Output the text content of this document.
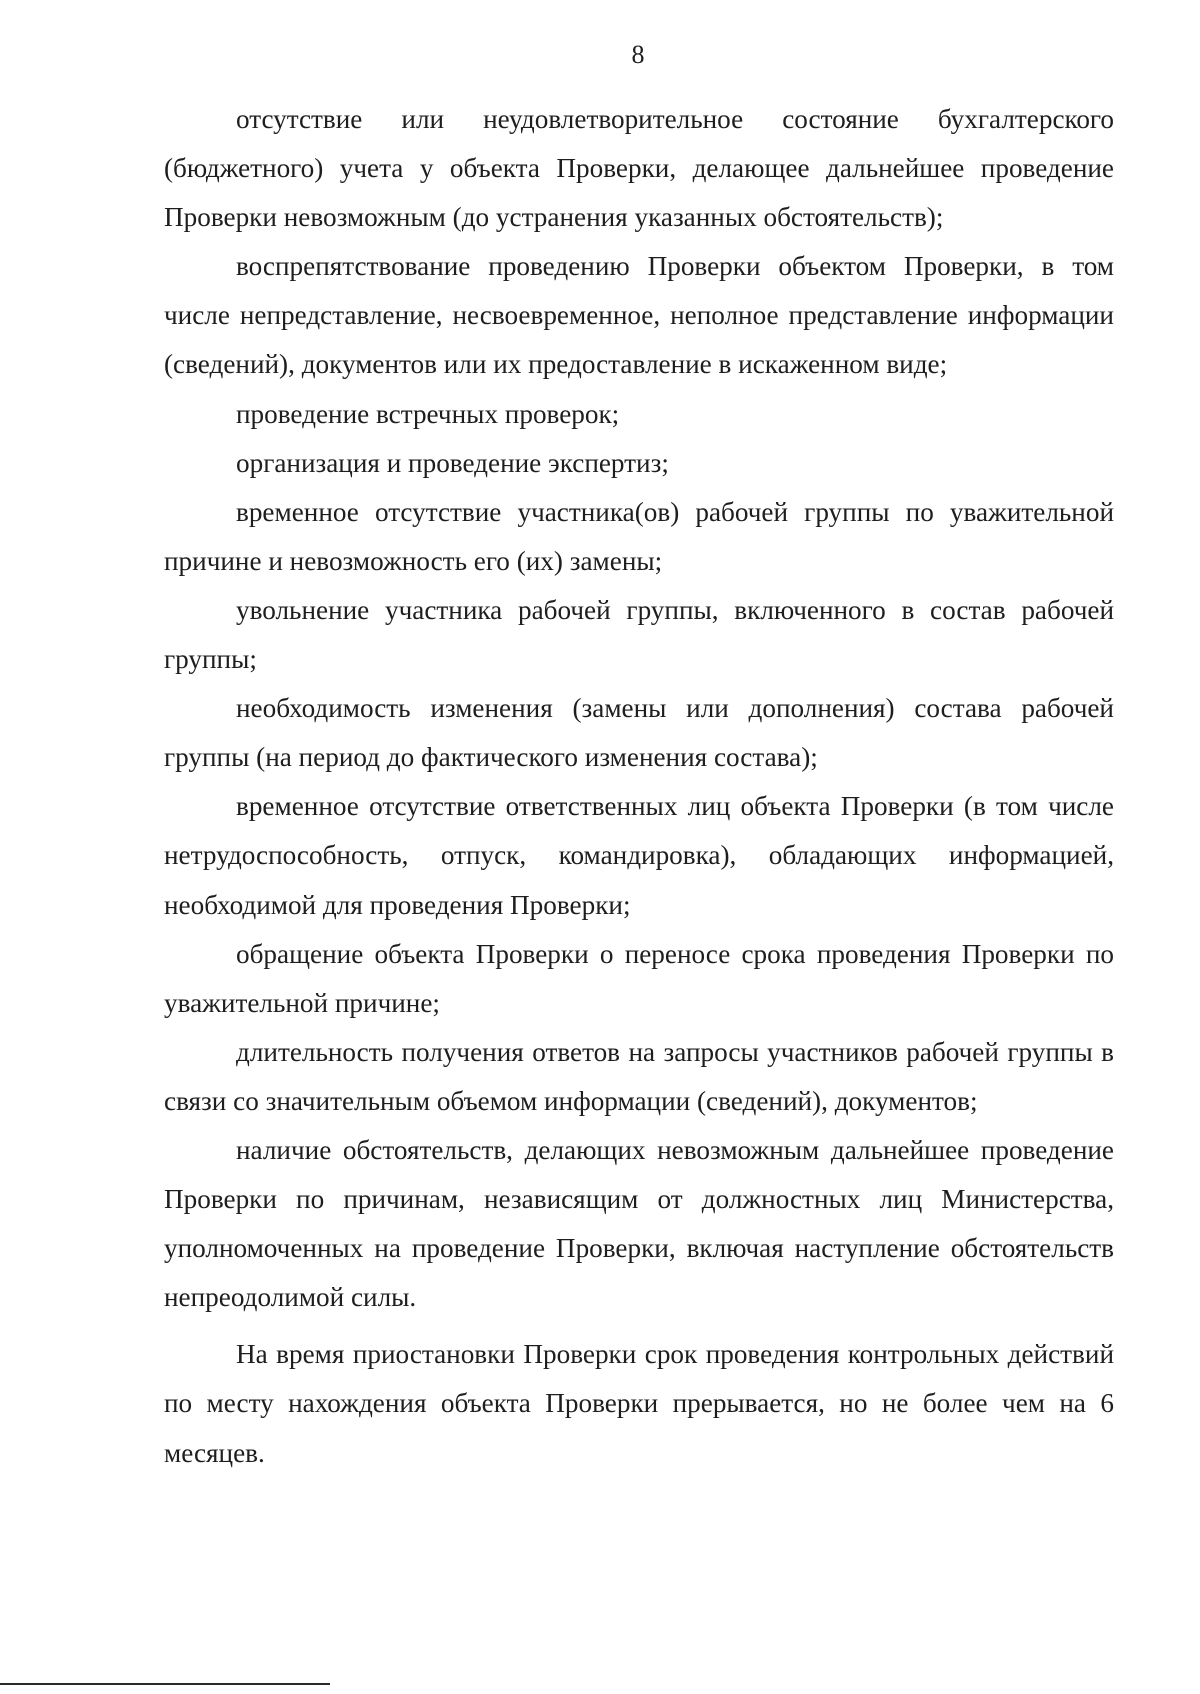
8

отсутствие или неудовлетворительное состояние бухгалтерского (бюджетного) учета у объекта Проверки, делающее дальнейшее проведение Проверки невозможным (до устранения указанных обстоятельств);

воспрепятствование проведению Проверки объектом Проверки, в том числе непредставление, несвоевременное, неполное представление информации (сведений), документов или их предоставление в искаженном виде;

проведение встречных проверок;

организация и проведение экспертиз;

временное отсутствие участника(ов) рабочей группы по уважительной причине и невозможность его (их) замены;

увольнение участника рабочей группы, включенного в состав рабочей группы;

необходимость изменения (замены или дополнения) состава рабочей группы (на период до фактического изменения состава);

временное отсутствие ответственных лиц объекта Проверки (в том числе нетрудоспособность, отпуск, командировка), обладающих информацией, необходимой для проведения Проверки;

обращение объекта Проверки о переносе срока проведения Проверки по уважительной причине;

длительность получения ответов на запросы участников рабочей группы в связи со значительным объемом информации (сведений), документов;

наличие обстоятельств, делающих невозможным дальнейшее проведение Проверки по причинам, независящим от должностных лиц Министерства, уполномоченных на проведение Проверки, включая наступление обстоятельств непреодолимой силы.

На время приостановки Проверки срок проведения контрольных действий по месту нахождения объекта Проверки прерывается, но не более чем на 6 месяцев.
